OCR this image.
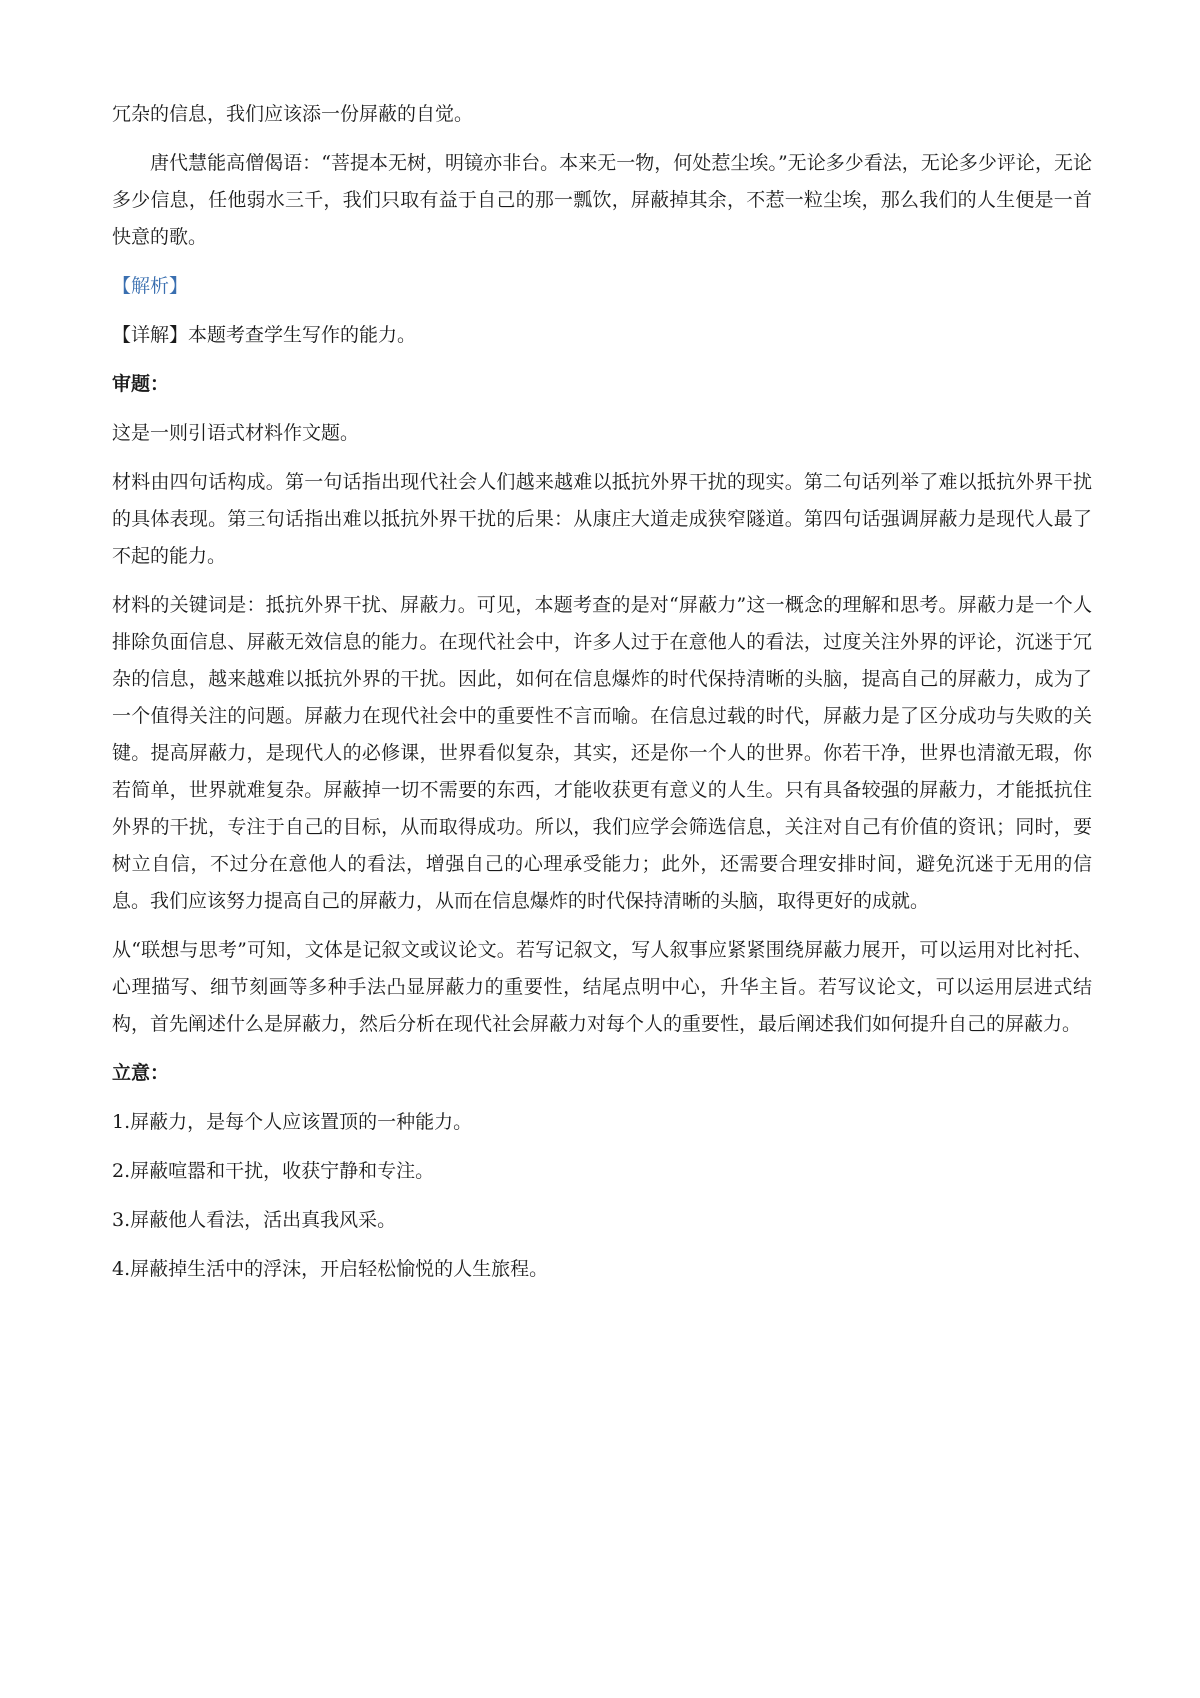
冗杂的信息，我们应该添一份屏蔽的自觉。

唐代慧能高僧偈语：“菩提本无树，明镜亦非台。本来无一物，何处惹尘埃。”无论多少看法，无论多少评论，无论多少信息，任他弱水三千，我们只取有益于自己的那一瓢饮，屏蔽掉其余，不惹一粒尘埃，那么我们的人生便是一首快意的歌。

【解析】

【详解】本题考查学生写作的能力。

审题：

这是一则引语式材料作文题。

材料由四句话构成。第一句话指出现代社会人们越来越难以抵抗外界干扰的现实。第二句话列举了难以抵抗外界干扰的具体表现。第三句话指出难以抵抗外界干扰的后果：从康庄大道走成狭窄隧道。第四句话强调屏蔽力是现代人最了不起的能力。

材料的关键词是：抵抗外界干扰、屏蔽力。可见，本题考查的是对“屏蔽力”这一概念的理解和思考。屏蔽力是一个人排除负面信息、屏蔽无效信息的能力。在现代社会中，许多人过于在意他人的看法，过度关注外界的评论，沉迷于冗杂的信息，越来越难以抵抗外界的干扰。因此，如何在信息爆炸的时代保持清晰的头脑，提高自己的屏蔽力，成为了一个值得关注的问题。屏蔽力在现代社会中的重要性不言而喻。在信息过载的时代，屏蔽力是了区分成功与失败的关键。提高屏蔽力，是现代人的必修课，世界看似复杂，其实，还是你一个人的世界。你若干净，世界也清澈无瑕，你若简单，世界就难复杂。屏蔽掉一切不需要的东西，才能收获更有意义的人生。只有具备较强的屏蔽力，才能抵抗住外界的干扰，专注于自己的目标，从而取得成功。所以，我们应学会筛选信息，关注对自己有价值的资讯；同时，要树立自信，不过分在意他人的看法，增强自己的心理承受能力；此外，还需要合理安排时间，避免沉迷于无用的信息。我们应该努力提高自己的屏蔽力，从而在信息爆炸的时代保持清晰的头脑，取得更好的成就。

从“联想与思考”可知，文体是记叙文或议论文。若写记叙文，写人叙事应紧紧围绕屏蔽力展开，可以运用对比衬托、心理描写、细节刻画等多种手法凸显屏蔽力的重要性，结尾点明中心，升华主旨。若写议论文，可以运用层进式结构，首先阐述什么是屏蔽力，然后分析在现代社会屏蔽力对每个人的重要性，最后阐述我们如何提升自己的屏蔽力。

立意：

1.屏蔽力，是每个人应该置顶的一种能力。

2.屏蔽喧嚣和干扰，收获宁静和专注。

3.屏蔽他人看法，活出真我风采。

4.屏蔽掉生活中的浮沫，开启轻松愉悦的人生旅程。
